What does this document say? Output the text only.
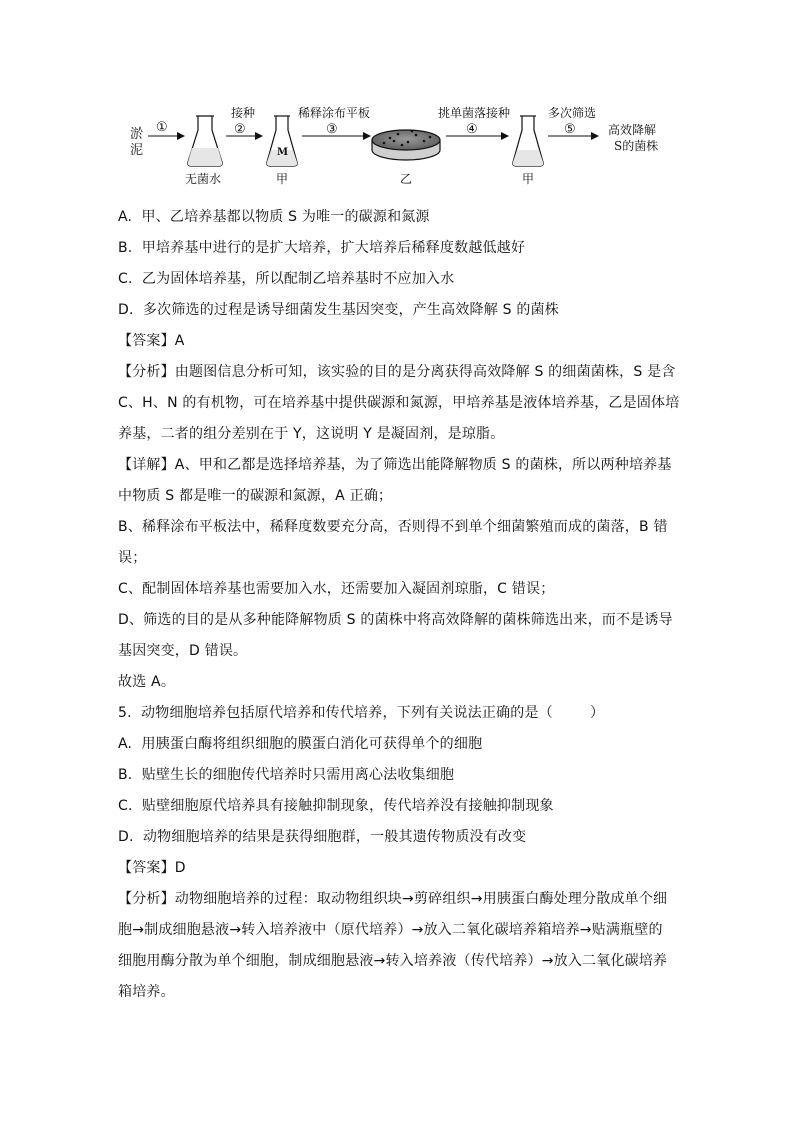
淤
泥
①
无菌水
接种
②
M
甲
稀释涂布平板
③
乙
挑单菌落接种
④
甲
多次筛选
⑤	高效降解
S的菌株
A.  甲、乙培养基都以物质 S 为唯一的碳源和氮源
B.  甲培养基中进行的是扩大培养，扩大培养后稀释度数越低越好
C.  乙为固体培养基，所以配制乙培养基时不应加入水
D.  多次筛选的过程是诱导细菌发生基因突变，产生高效降解 S 的菌株
【答案】A
【分析】由题图信息分析可知，该实验的目的是分离获得高效降解 S 的细菌菌株，S 是含
C、H、N 的有机物，可在培养基中提供碳源和氮源，甲培养基是液体培养基，乙是固体培
养基，二者的组分差别在于 Y，这说明 Y 是凝固剂，是琼脂。
【详解】A、甲和乙都是选择培养基，为了筛选出能降解物质 S 的菌株，所以两种培养基
中物质 S 都是唯一的碳源和氮源，A 正确；
B、稀释涂布平板法中，稀释度数要充分高，否则得不到单个细菌繁殖而成的菌落，B 错
误；
C、配制固体培养基也需要加入水，还需要加入凝固剂琼脂，C 错误；
D、筛选的目的是从多种能降解物质 S 的菌株中将高效降解的菌株筛选出来，而不是诱导
基因突变，D 错误。
故选 A。
5.  动物细胞培养包括原代培养和传代培养，下列有关说法正确的是（        ）
A.  用胰蛋白酶将组织细胞的膜蛋白消化可获得单个的细胞
B.  贴壁生长的细胞传代培养时只需用离心法收集细胞
C.  贴壁细胞原代培养具有接触抑制现象，传代培养没有接触抑制现象
D.  动物细胞培养的结果是获得细胞群，一般其遗传物质没有改变
【答案】D
【分析】动物细胞培养的过程：取动物组织块→剪碎组织→用胰蛋白酶处理分散成单个细
胞→制成细胞悬液→转入培养液中（原代培养）→放入二氧化碳培养箱培养→贴满瓶壁的
细胞用酶分散为单个细胞，制成细胞悬液→转入培养液（传代培养）→放入二氧化碳培养
箱培养。
